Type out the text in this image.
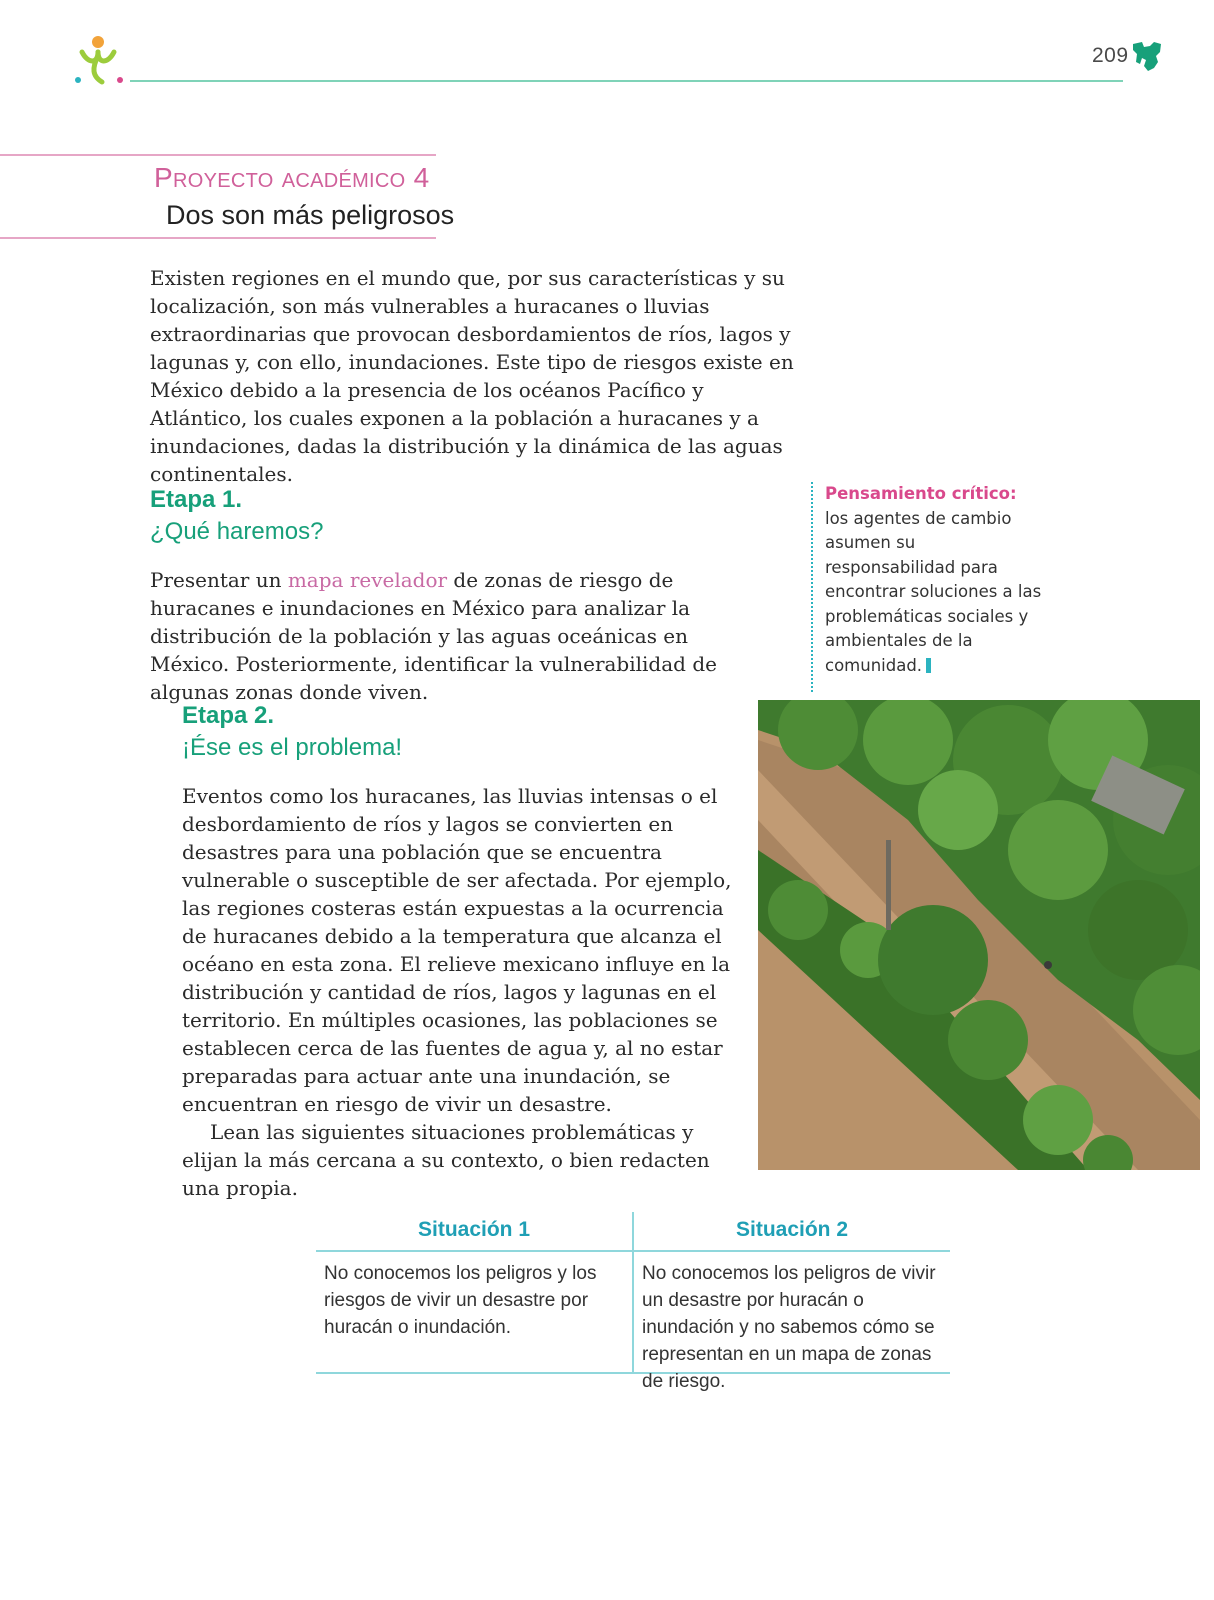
209
Proyecto académico 4
Dos son más peligrosos

Existen regiones en el mundo que, por sus características y su localización, son más vulnerables a huracanes o lluvias extraordinarias que provocan desbordamientos de ríos, lagos y lagunas y, con ello, inundaciones. Este tipo de riesgos existe en México debido a la presencia de los océanos Pacífico y Atlántico, los cuales exponen a la población a huracanes y a inundaciones, dadas la distribución y la dinámica de las aguas continentales.

Etapa 1.
¿Qué haremos?

Presentar un mapa revelador de zonas de riesgo de huracanes e inundaciones en México para analizar la distribución de la población y las aguas oceánicas en México. Posteriormente, identificar la vulnerabilidad de algunas zonas donde viven.

Pensamiento crítico:
los agentes de cambio asumen su responsabilidad para encontrar soluciones a las problemáticas sociales y ambientales de la comunidad.
Etapa 2.
¡Ése es el problema!

Eventos como los huracanes, las lluvias intensas o el desbordamiento de ríos y lagos se convierten en desastres para una población que se encuentra vulnerable o susceptible de ser afectada. Por ejemplo, las regiones costeras están expuestas a la ocurrencia de huracanes debido a la temperatura que alcanza el océano en esta zona. El relieve mexicano influye en la distribución y cantidad de ríos, lagos y lagunas en el territorio. En múltiples ocasiones, las poblaciones se establecen cerca de las fuentes de agua y, al no estar preparadas para actuar ante una inundación, se encuentran en riesgo de vivir un desastre.

Lean las siguientes situaciones problemáticas y elijan la más cercana a su contexto, o bien redacten una propia.

Situación 1	Situación 2
No conocemos los peligros y los riesgos de vivir un desastre por huracán o inundación.
No conocemos los peligros de vivir un desastre por huracán o inundación y no sabemos cómo se representan en un mapa de zonas de riesgo.
